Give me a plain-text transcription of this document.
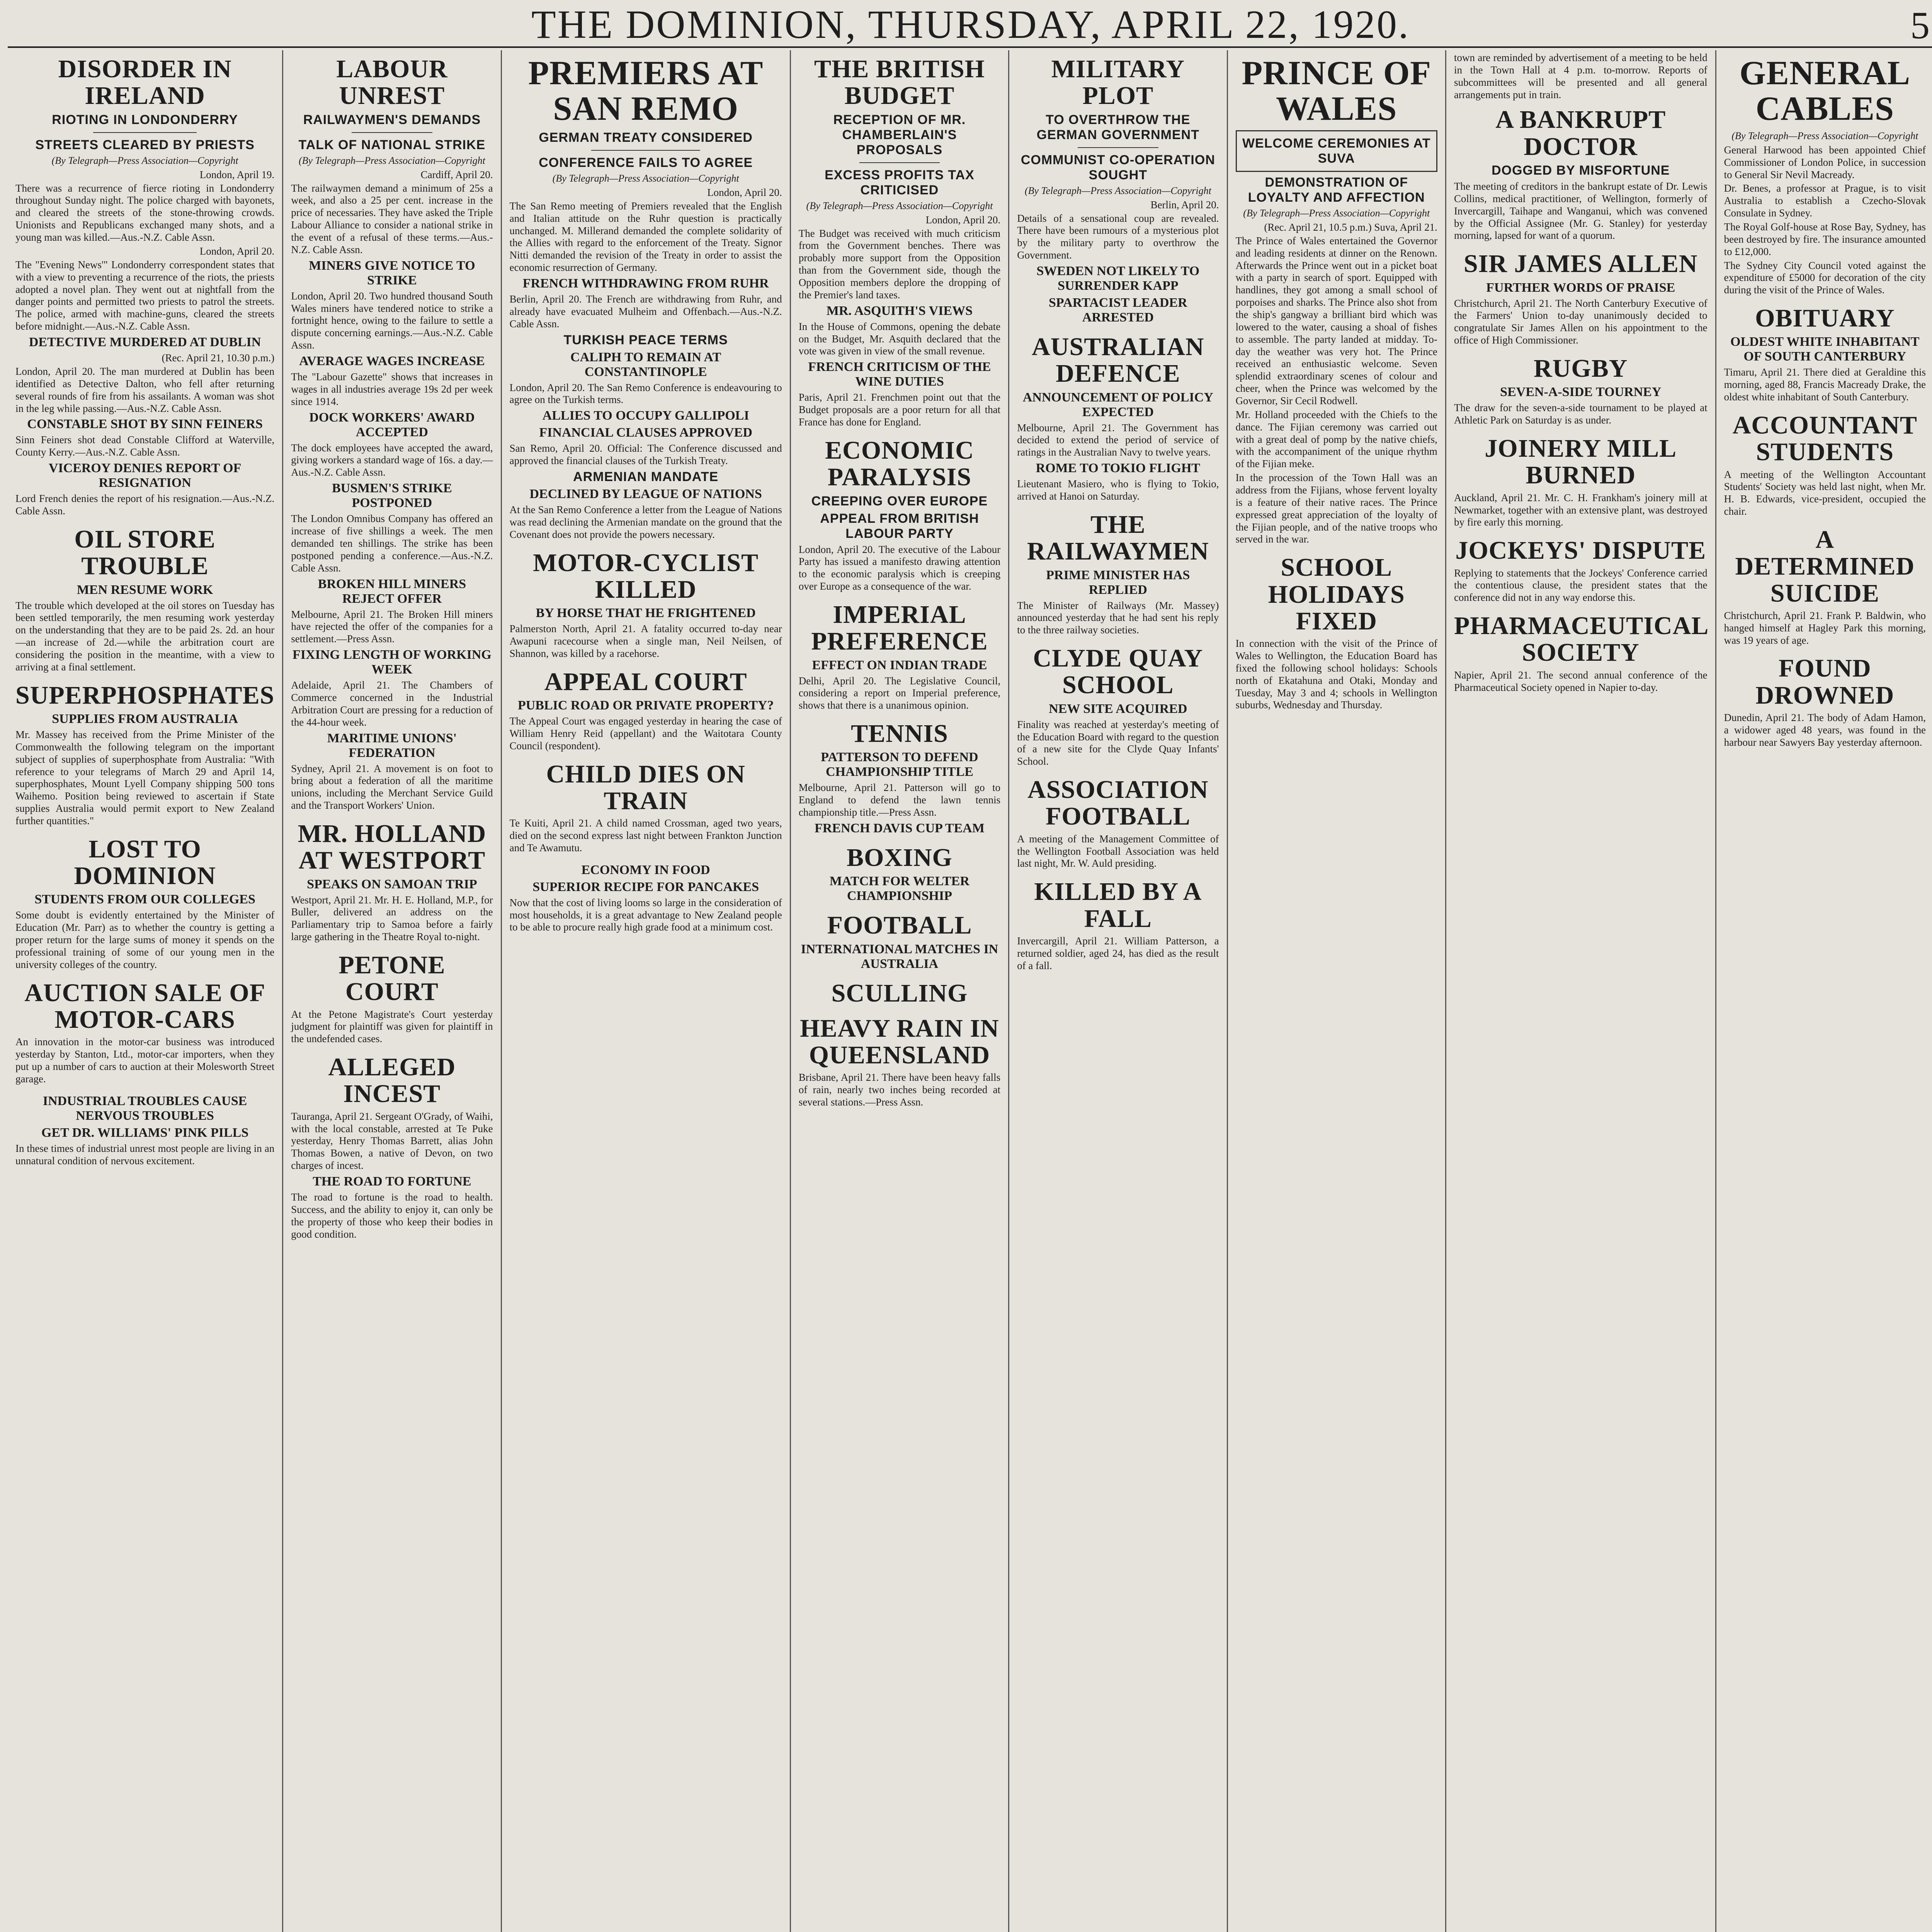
THE DOMINION, THURSDAY, APRIL 22, 1920.	5
DISORDER IN IRELAND
RIOTING IN LONDONDERRY
STREETS CLEARED BY PRIESTS
(By Telegraph—Press Association—Copyright
London, April 19.

There was a recurrence of fierce rioting in Londonderry throughout Sunday night. The police charged with bayonets, and cleared the streets of the stone-throwing crowds. Unionists and Republicans exchanged many shots, and a young man was killed.—Aus.-N.Z. Cable Assn.

London, April 20.

The "Evening News'" Londonderry correspondent states that with a view to preventing a recurrence of the riots, the priests adopted a novel plan. They went out at nightfall from the danger points and permitted two priests to patrol the streets. The police, armed with machine-guns, cleared the streets before midnight.—Aus.-N.Z. Cable Assn.

DETECTIVE MURDERED AT DUBLIN
(Rec. April 21, 10.30 p.m.)

London, April 20. The man murdered at Dublin has been identified as Detective Dalton, who fell after returning several rounds of fire from his assailants. A woman was shot in the leg while passing.—Aus.-N.Z. Cable Assn.

CONSTABLE SHOT BY SINN FEINERS

Sinn Feiners shot dead Constable Clifford at Waterville, County Kerry.—Aus.-N.Z. Cable Assn.

VICEROY DENIES REPORT OF RESIGNATION

Lord French denies the report of his resignation.—Aus.-N.Z. Cable Assn.

OIL STORE TROUBLE
MEN RESUME WORK

The trouble which developed at the oil stores on Tuesday has been settled temporarily, the men resuming work yesterday on the understanding that they are to be paid 2s. 2d. an hour—an increase of 2d.—while the arbitration court are considering the position in the meantime, with a view to arriving at a final settlement.

SUPERPHOSPHATES
SUPPLIES FROM AUSTRALIA

Mr. Massey has received from the Prime Minister of the Commonwealth the following telegram on the important subject of supplies of superphosphate from Australia: "With reference to your telegrams of March 29 and April 14, superphosphates, Mount Lyell Company shipping 500 tons Waihemo. Position being reviewed to ascertain if State supplies Australia would permit export to New Zealand further quantities."

LOST TO DOMINION
STUDENTS FROM OUR COLLEGES

Some doubt is evidently entertained by the Minister of Education (Mr. Parr) as to whether the country is getting a proper return for the large sums of money it spends on the professional training of some of our young men in the university colleges of the country.

AUCTION SALE OF MOTOR-CARS

An innovation in the motor-car business was introduced yesterday by Stanton, Ltd., motor-car importers, when they put up a number of cars to auction at their Molesworth Street garage.

INDUSTRIAL TROUBLES CAUSE NERVOUS TROUBLES
GET DR. WILLIAMS' PINK PILLS

In these times of industrial unrest most people are living in an unnatural condition of nervous excitement.

LABOUR UNREST
RAILWAYMEN'S DEMANDS
TALK OF NATIONAL STRIKE
(By Telegraph—Press Association—Copyright
Cardiff, April 20.

The railwaymen demand a minimum of 25s a week, and also a 25 per cent. increase in the price of necessaries. They have asked the Triple Labour Alliance to consider a national strike in the event of a refusal of these terms.—Aus.-N.Z. Cable Assn.

MINERS GIVE NOTICE TO STRIKE

London, April 20. Two hundred thousand South Wales miners have tendered notice to strike a fortnight hence, owing to the failure to settle a dispute concerning earnings.—Aus.-N.Z. Cable Assn.

AVERAGE WAGES INCREASE

The "Labour Gazette" shows that increases in wages in all industries average 19s 2d per week since 1914.

DOCK WORKERS' AWARD ACCEPTED

The dock employees have accepted the award, giving workers a standard wage of 16s. a day.—Aus.-N.Z. Cable Assn.

BUSMEN'S STRIKE POSTPONED

The London Omnibus Company has offered an increase of five shillings a week. The men demanded ten shillings. The strike has been postponed pending a conference.—Aus.-N.Z. Cable Assn.

BROKEN HILL MINERS REJECT OFFER

Melbourne, April 21. The Broken Hill miners have rejected the offer of the companies for a settlement.—Press Assn.

FIXING LENGTH OF WORKING WEEK

Adelaide, April 21. The Chambers of Commerce concerned in the Industrial Arbitration Court are pressing for a reduction of the 44-hour week.

MARITIME UNIONS' FEDERATION

Sydney, April 21. A movement is on foot to bring about a federation of all the maritime unions, including the Merchant Service Guild and the Transport Workers' Union.

MR. HOLLAND AT WESTPORT
SPEAKS ON SAMOAN TRIP

Westport, April 21. Mr. H. E. Holland, M.P., for Buller, delivered an address on the Parliamentary trip to Samoa before a fairly large gathering in the Theatre Royal to-night.

PETONE COURT

At the Petone Magistrate's Court yesterday judgment for plaintiff was given for plaintiff in the undefended cases.

ALLEGED INCEST

Tauranga, April 21. Sergeant O'Grady, of Waihi, with the local constable, arrested at Te Puke yesterday, Henry Thomas Barrett, alias John Thomas Bowen, a native of Devon, on two charges of incest.

THE ROAD TO FORTUNE

The road to fortune is the road to health. Success, and the ability to enjoy it, can only be the property of those who keep their bodies in good condition.

PREMIERS AT SAN REMO
GERMAN TREATY CONSIDERED
CONFERENCE FAILS TO AGREE
(By Telegraph—Press Association—Copyright
London, April 20.

The San Remo meeting of Premiers revealed that the English and Italian attitude on the Ruhr question is practically unchanged. M. Millerand demanded the complete solidarity of the Allies with regard to the enforcement of the Treaty. Signor Nitti demanded the revision of the Treaty in order to assist the economic resurrection of Germany.

FRENCH WITHDRAWING FROM RUHR

Berlin, April 20. The French are withdrawing from Ruhr, and already have evacuated Mulheim and Offenbach.—Aus.-N.Z. Cable Assn.

TURKISH PEACE TERMS
CALIPH TO REMAIN AT CONSTANTINOPLE

London, April 20. The San Remo Conference is endeavouring to agree on the Turkish terms.

ALLIES TO OCCUPY GALLIPOLI
FINANCIAL CLAUSES APPROVED

San Remo, April 20. Official: The Conference discussed and approved the financial clauses of the Turkish Treaty.

ARMENIAN MANDATE
DECLINED BY LEAGUE OF NATIONS

At the San Remo Conference a letter from the League of Nations was read declining the Armenian mandate on the ground that the Covenant does not provide the powers necessary.

MOTOR-CYCLIST KILLED
BY HORSE THAT HE FRIGHTENED

Palmerston North, April 21. A fatality occurred to-day near Awapuni racecourse when a single man, Neil Neilsen, of Shannon, was killed by a racehorse.

APPEAL COURT
PUBLIC ROAD OR PRIVATE PROPERTY?

The Appeal Court was engaged yesterday in hearing the case of William Henry Reid (appellant) and the Waitotara County Council (respondent).

CHILD DIES ON TRAIN

Te Kuiti, April 21. A child named Crossman, aged two years, died on the second express last night between Frankton Junction and Te Awamutu.

ECONOMY IN FOOD
SUPERIOR RECIPE FOR PANCAKES

Now that the cost of living looms so large in the consideration of most households, it is a great advantage to New Zealand people to be able to procure really high grade food at a minimum cost.

THE BRITISH BUDGET
RECEPTION OF MR. CHAMBERLAIN'S PROPOSALS
EXCESS PROFITS TAX CRITICISED
(By Telegraph—Press Association—Copyright
London, April 20.

The Budget was received with much criticism from the Government benches. There was probably more support from the Opposition than from the Government side, though the Opposition members deplore the dropping of the Premier's land taxes.

MR. ASQUITH'S VIEWS

In the House of Commons, opening the debate on the Budget, Mr. Asquith declared that the vote was given in view of the small revenue.

FRENCH CRITICISM OF THE WINE DUTIES

Paris, April 21. Frenchmen point out that the Budget proposals are a poor return for all that France has done for England.

ECONOMIC PARALYSIS
CREEPING OVER EUROPE
APPEAL FROM BRITISH LABOUR PARTY

London, April 20. The executive of the Labour Party has issued a manifesto drawing attention to the economic paralysis which is creeping over Europe as a consequence of the war.

IMPERIAL PREFERENCE
EFFECT ON INDIAN TRADE

Delhi, April 20. The Legislative Council, considering a report on Imperial preference, shows that there is a unanimous opinion.

TENNIS
PATTERSON TO DEFEND CHAMPIONSHIP TITLE

Melbourne, April 21. Patterson will go to England to defend the lawn tennis championship title.—Press Assn.

FRENCH DAVIS CUP TEAM
BOXING
MATCH FOR WELTER CHAMPIONSHIP
FOOTBALL
INTERNATIONAL MATCHES IN AUSTRALIA
SCULLING
HEAVY RAIN IN QUEENSLAND

Brisbane, April 21. There have been heavy falls of rain, nearly two inches being recorded at several stations.—Press Assn.

MILITARY PLOT
TO OVERTHROW THE GERMAN GOVERNMENT
COMMUNIST CO-OPERATION SOUGHT
(By Telegraph—Press Association—Copyright
Berlin, April 20.

Details of a sensational coup are revealed. There have been rumours of a mysterious plot by the military party to overthrow the Government.

SWEDEN NOT LIKELY TO SURRENDER KAPP
SPARTACIST LEADER ARRESTED
AUSTRALIAN DEFENCE
ANNOUNCEMENT OF POLICY EXPECTED

Melbourne, April 21. The Government has decided to extend the period of service of ratings in the Australian Navy to twelve years.

ROME TO TOKIO FLIGHT

Lieutenant Masiero, who is flying to Tokio, arrived at Hanoi on Saturday.

THE RAILWAYMEN
PRIME MINISTER HAS REPLIED

The Minister of Railways (Mr. Massey) announced yesterday that he had sent his reply to the three railway societies.

CLYDE QUAY SCHOOL
NEW SITE ACQUIRED

Finality was reached at yesterday's meeting of the Education Board with regard to the question of a new site for the Clyde Quay Infants' School.

ASSOCIATION FOOTBALL

A meeting of the Management Committee of the Wellington Football Association was held last night, Mr. W. Auld presiding.

KILLED BY A FALL

Invercargill, April 21. William Patterson, a returned soldier, aged 24, has died as the result of a fall.

PRINCE OF WALES
WELCOME CEREMONIES AT SUVA
DEMONSTRATION OF LOYALTY AND AFFECTION
(By Telegraph—Press Association—Copyright
(Rec. April 21, 10.5 p.m.) Suva, April 21.

The Prince of Wales entertained the Governor and leading residents at dinner on the Renown. Afterwards the Prince went out in a picket boat with a party in search of sport. Equipped with handlines, they got among a small school of porpoises and sharks. The Prince also shot from the ship's gangway a brilliant bird which was lowered to the water, causing a shoal of fishes to assemble. The party landed at midday. To-day the weather was very hot. The Prince received an enthusiastic welcome. Seven splendid extraordinary scenes of colour and cheer, when the Prince was welcomed by the Governor, Sir Cecil Rodwell.

Mr. Holland proceeded with the Chiefs to the dance. The Fijian ceremony was carried out with a great deal of pomp by the native chiefs, with the accompaniment of the unique rhythm of the Fijian meke.

In the procession of the Town Hall was an address from the Fijians, whose fervent loyalty is a feature of their native races. The Prince expressed great appreciation of the loyalty of the Fijian people, and of the native troops who served in the war.

SCHOOL HOLIDAYS FIXED

In connection with the visit of the Prince of Wales to Wellington, the Education Board has fixed the following school holidays: Schools north of Ekatahuna and Otaki, Monday and Tuesday, May 3 and 4; schools in Wellington suburbs, Wednesday and Thursday.

town are reminded by advertisement of a meeting to be held in the Town Hall at 4 p.m. to-morrow. Reports of subcommittees will be presented and all general arrangements put in train.

A BANKRUPT DOCTOR
DOGGED BY MISFORTUNE

The meeting of creditors in the bankrupt estate of Dr. Lewis Collins, medical practitioner, of Wellington, formerly of Invercargill, Taihape and Wanganui, which was convened by the Official Assignee (Mr. G. Stanley) for yesterday morning, lapsed for want of a quorum.

SIR JAMES ALLEN
FURTHER WORDS OF PRAISE

Christchurch, April 21. The North Canterbury Executive of the Farmers' Union to-day unanimously decided to congratulate Sir James Allen on his appointment to the office of High Commissioner.

RUGBY
SEVEN-A-SIDE TOURNEY

The draw for the seven-a-side tournament to be played at Athletic Park on Saturday is as under.

JOINERY MILL BURNED

Auckland, April 21. Mr. C. H. Frankham's joinery mill at Newmarket, together with an extensive plant, was destroyed by fire early this morning.

JOCKEYS' DISPUTE

Replying to statements that the Jockeys' Conference carried the contentious clause, the president states that the conference did not in any way endorse this.

PHARMACEUTICAL SOCIETY

Napier, April 21. The second annual conference of the Pharmaceutical Society opened in Napier to-day.

GENERAL CABLES
(By Telegraph—Press Association—Copyright

General Harwood has been appointed Chief Commissioner of London Police, in succession to General Sir Nevil Macready.

Dr. Benes, a professor at Prague, is to visit Australia to establish a Czecho-Slovak Consulate in Sydney.

The Royal Golf-house at Rose Bay, Sydney, has been destroyed by fire. The insurance amounted to £12,000.

The Sydney City Council voted against the expenditure of £5000 for decoration of the city during the visit of the Prince of Wales.

OBITUARY
OLDEST WHITE INHABITANT OF SOUTH CANTERBURY

Timaru, April 21. There died at Geraldine this morning, aged 88, Francis Macready Drake, the oldest white inhabitant of South Canterbury.

ACCOUNTANT STUDENTS

A meeting of the Wellington Accountant Students' Society was held last night, when Mr. H. B. Edwards, vice-president, occupied the chair.

A DETERMINED SUICIDE

Christchurch, April 21. Frank P. Baldwin, who hanged himself at Hagley Park this morning, was 19 years of age.

FOUND DROWNED

Dunedin, April 21. The body of Adam Hamon, a widower aged 48 years, was found in the harbour near Sawyers Bay yesterday afternoon.
